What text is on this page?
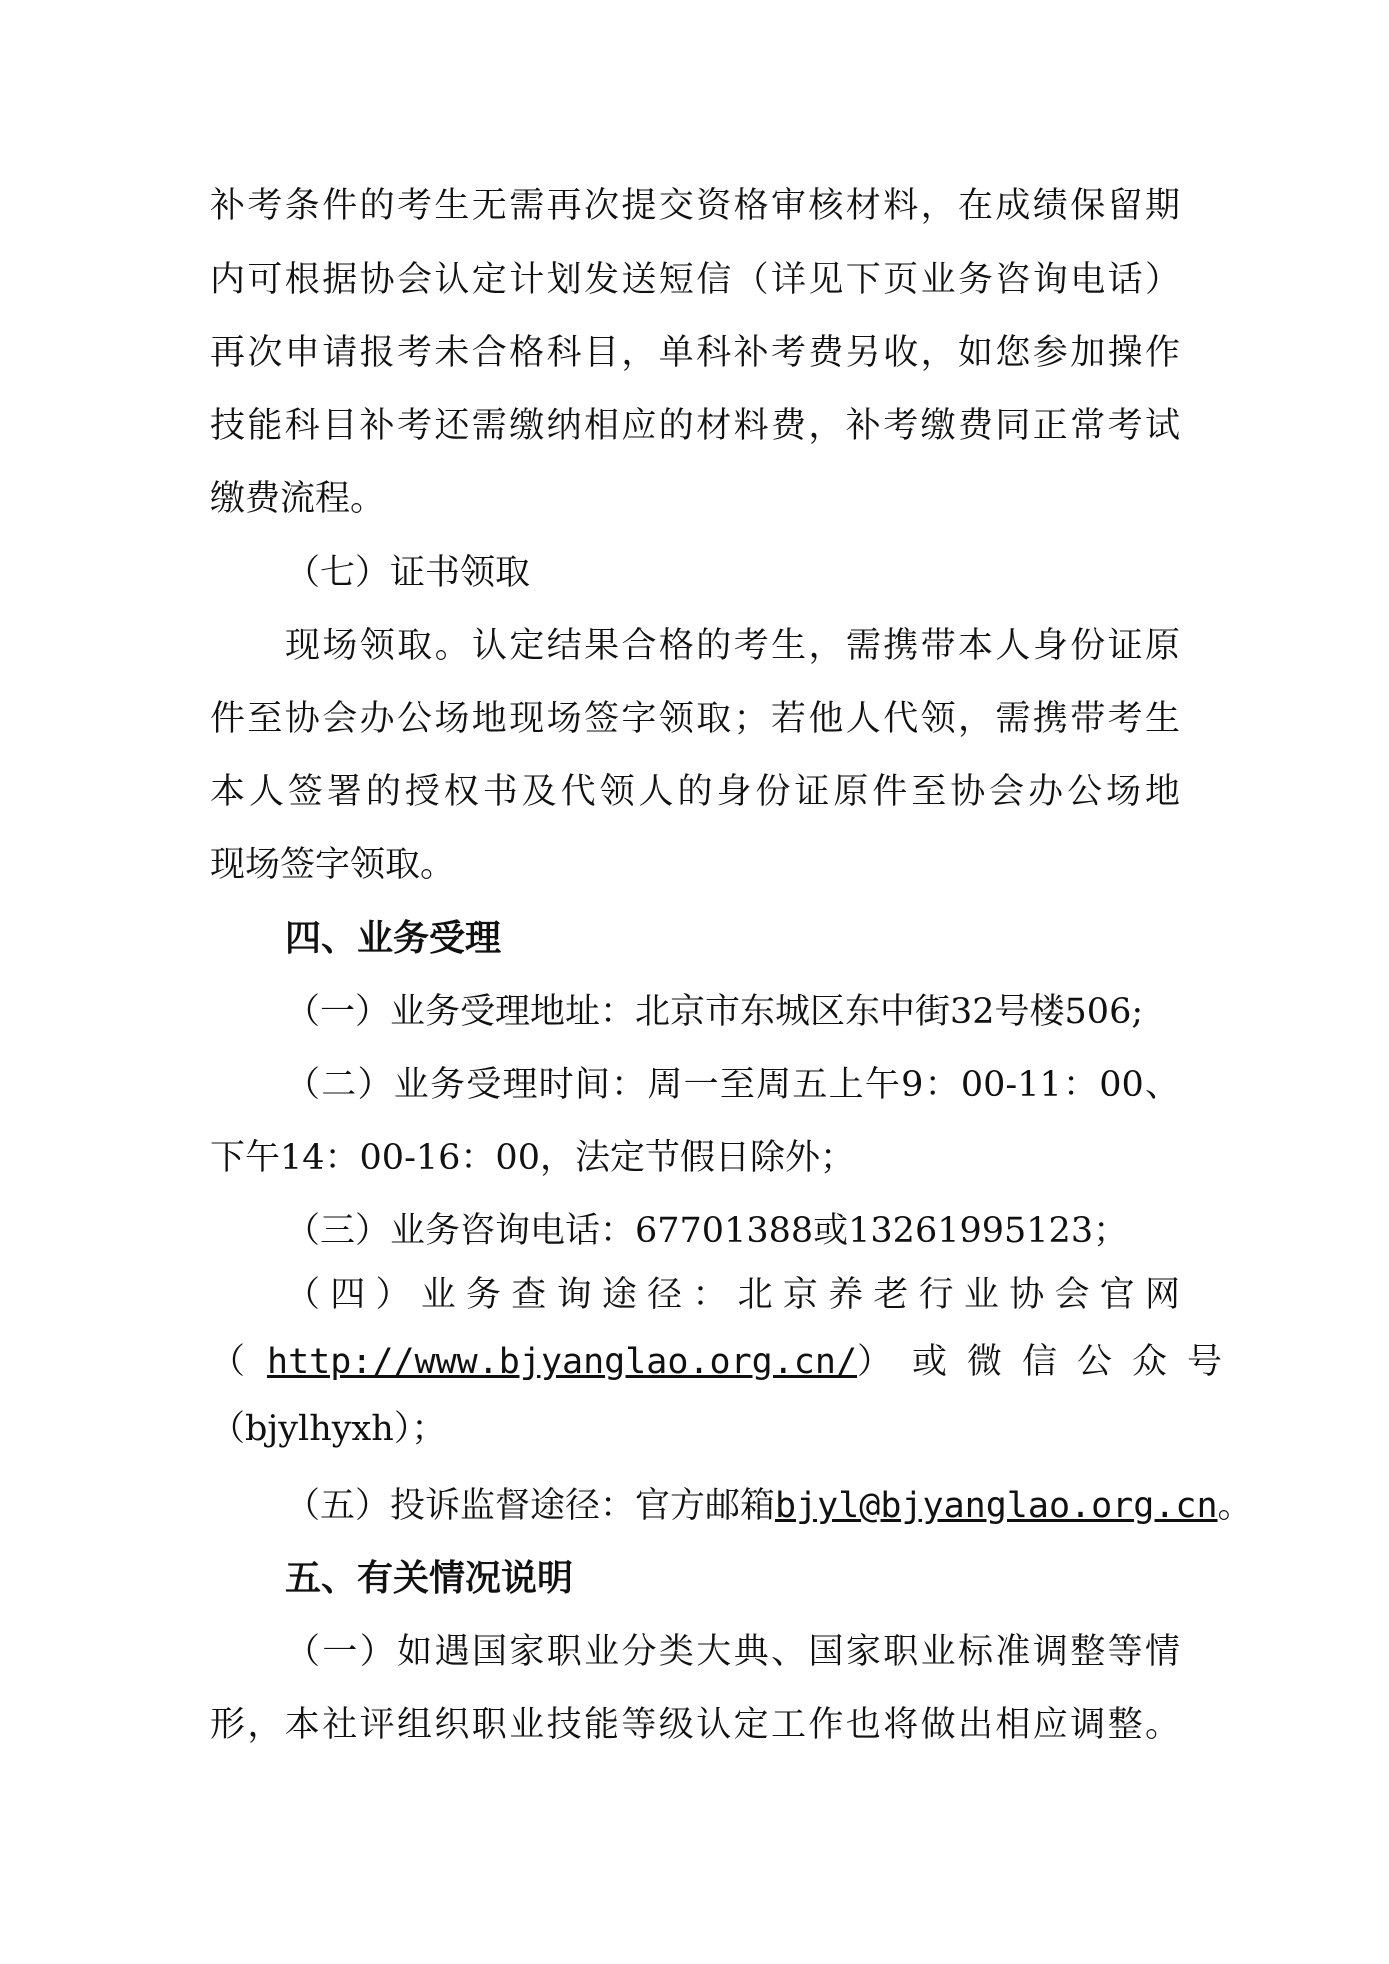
补考条件的考生无需再次提交资格审核材料，在成绩保留期
内可根据协会认定计划发送短信（详见下页业务咨询电话）
再次申请报考未合格科目，单科补考费另收，如您参加操作
技能科目补考还需缴纳相应的材料费，补考缴费同正常考试
缴费流程。
（七）证书领取
现场领取。认定结果合格的考生，需携带本人身份证原
件至协会办公场地现场签字领取；若他人代领，需携带考生
本人签署的授权书及代领人的身份证原件至协会办公场地
现场签字领取。
四、业务受理
（一）业务受理地址：北京市东城区东中街32号楼506;
（二）业务受理时间：周一至周五上午9：00-11：00、
下午14：00-16：00，法定节假日除外；
（三）业务咨询电话：67701388或13261995123；
（四）业务查询途径：北京养老行业协会官网
（ http://www.bjyanglao.org.cn/）或微信公众号
（bjylhyxh）；
（五）投诉监督途径：官方邮箱bjyl@bjyanglao.org.cn。
五、有关情况说明
（一）如遇国家职业分类大典、国家职业标准调整等情
形，本社评组织职业技能等级认定工作也将做出相应调整。
